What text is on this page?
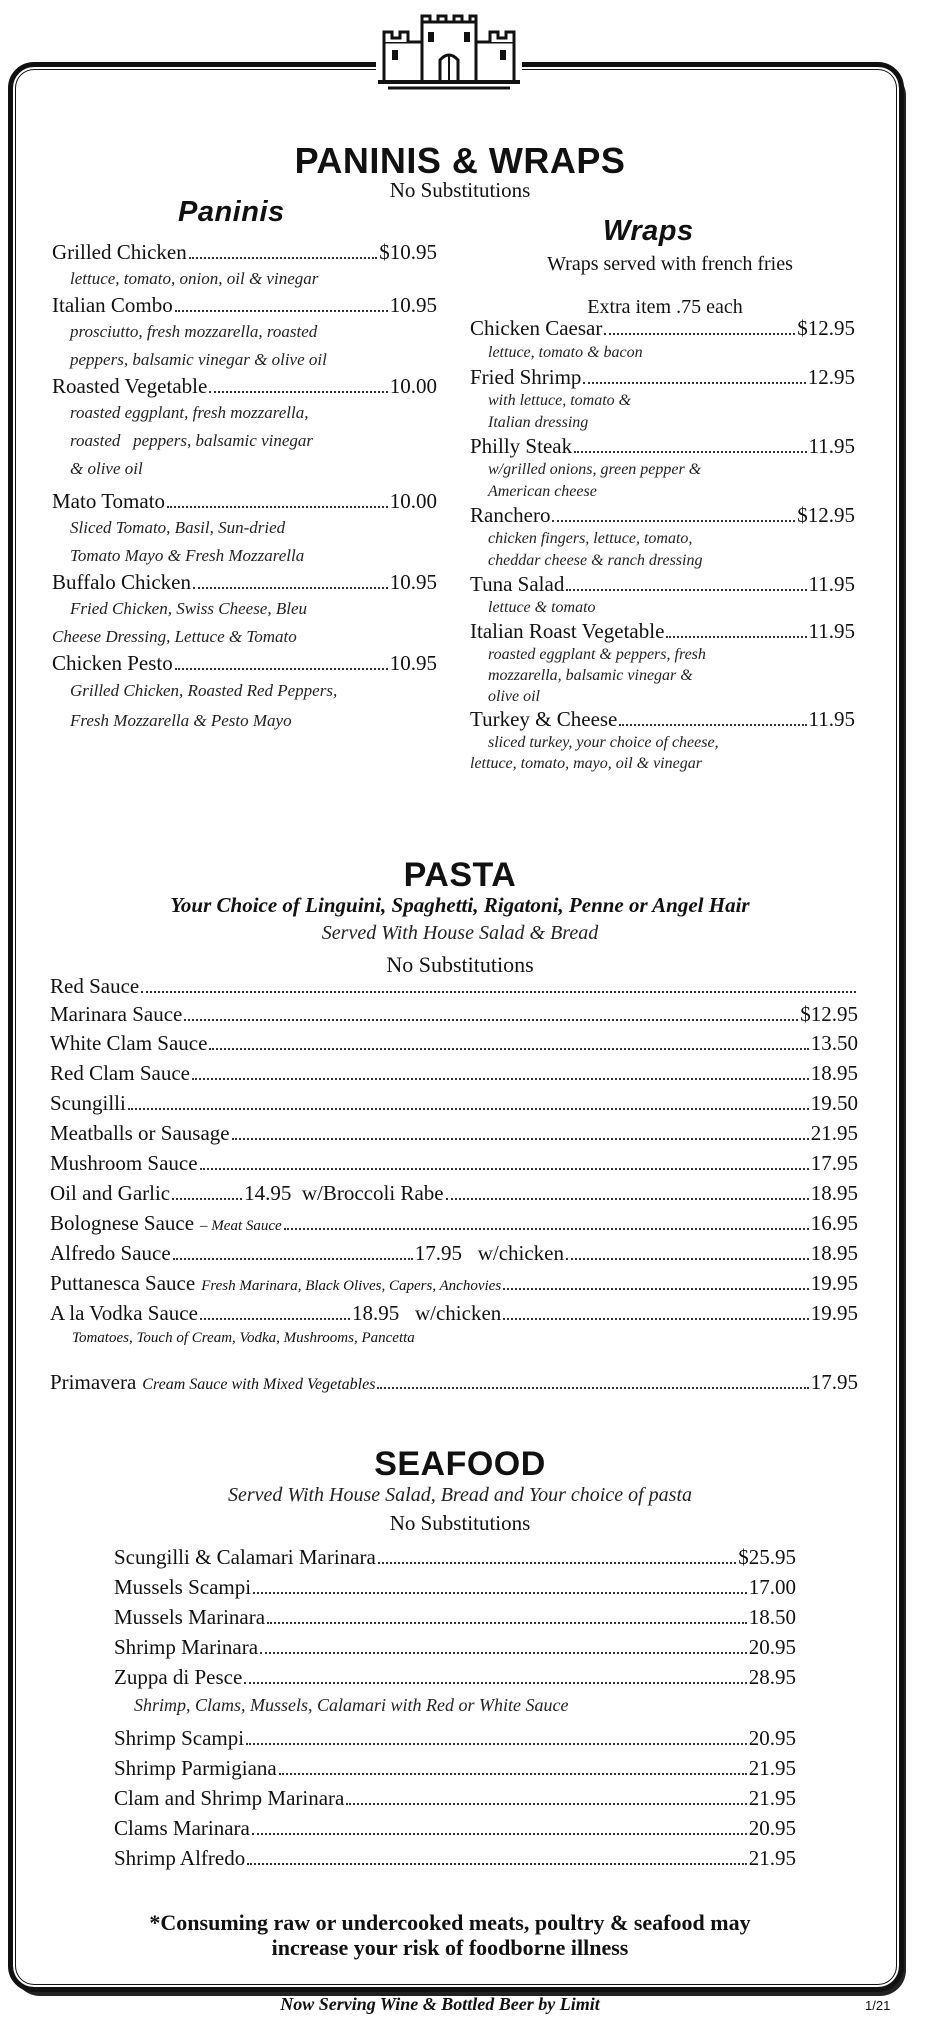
PANINIS & WRAPS
No Substitutions
Paninis
Wraps
Wraps served with french fries
Extra item .75 each
Grilled Chicken	$10.95
lettuce, tomato, onion, oil & vinegar
Italian Combo	10.95
prosciutto, fresh mozzarella, roasted
peppers, balsamic vinegar & olive oil
Roasted Vegetable	10.00
roasted eggplant, fresh mozzarella,
roasted   peppers, balsamic vinegar
& olive oil
Mato Tomato	10.00
Sliced Tomato, Basil, Sun-dried
Tomato Mayo & Fresh Mozzarella
Buffalo Chicken	10.95
Fried Chicken, Swiss Cheese, Bleu
Cheese Dressing, Lettuce & Tomato
Chicken Pesto	10.95
Grilled Chicken, Roasted Red Peppers,
Fresh Mozzarella & Pesto Mayo
Chicken Caesar	$12.95
lettuce, tomato & bacon
Fried Shrimp	12.95
with lettuce, tomato &
Italian dressing
Philly Steak	11.95
w/grilled onions, green pepper &
American cheese
Ranchero	$12.95
chicken fingers, lettuce, tomato,
cheddar cheese & ranch dressing
Tuna Salad	11.95
lettuce & tomato
Italian Roast Vegetable	11.95
roasted eggplant & peppers, fresh
mozzarella, balsamic vinegar &
olive oil
Turkey & Cheese	11.95
sliced turkey, your choice of cheese,
lettuce, tomato, mayo, oil & vinegar
PASTA
Your Choice of Linguini, Spaghetti, Rigatoni, Penne or Angel Hair
Served With House Salad & Bread
No Substitutions
Red Sauce
Marinara Sauce	$12.95
White Clam Sauce	13.50
Red Clam Sauce	18.95
Scungilli	19.50
Meatballs or Sausage	21.95
Mushroom Sauce	17.95
Oil and Garlic	14.95  w/Broccoli Rabe	18.95
Bolognese Sauce – Meat Sauce	16.95
Alfredo Sauce	17.95   w/chicken	18.95
Puttanesca Sauce Fresh Marinara, Black Olives, Capers, Anchovies	19.95
A la Vodka Sauce	18.95   w/chicken	19.95
Tomatoes, Touch of Cream, Vodka, Mushrooms, Pancetta
Primavera Cream Sauce with Mixed Vegetables	17.95
SEAFOOD
Served With House Salad, Bread and Your choice of pasta
No Substitutions
Scungilli & Calamari Marinara	$25.95
Mussels Scampi	17.00
Mussels Marinara	18.50
Shrimp Marinara	20.95
Zuppa di Pesce	28.95
Shrimp, Clams, Mussels, Calamari with Red or White Sauce
Shrimp Scampi	20.95
Shrimp Parmigiana	21.95
Clam and Shrimp Marinara	21.95
Clams Marinara	20.95
Shrimp Alfredo	21.95
*Consuming raw or undercooked meats, poultry & seafood may
increase your risk of foodborne illness
Now Serving Wine & Bottled Beer by Limit	1/21
